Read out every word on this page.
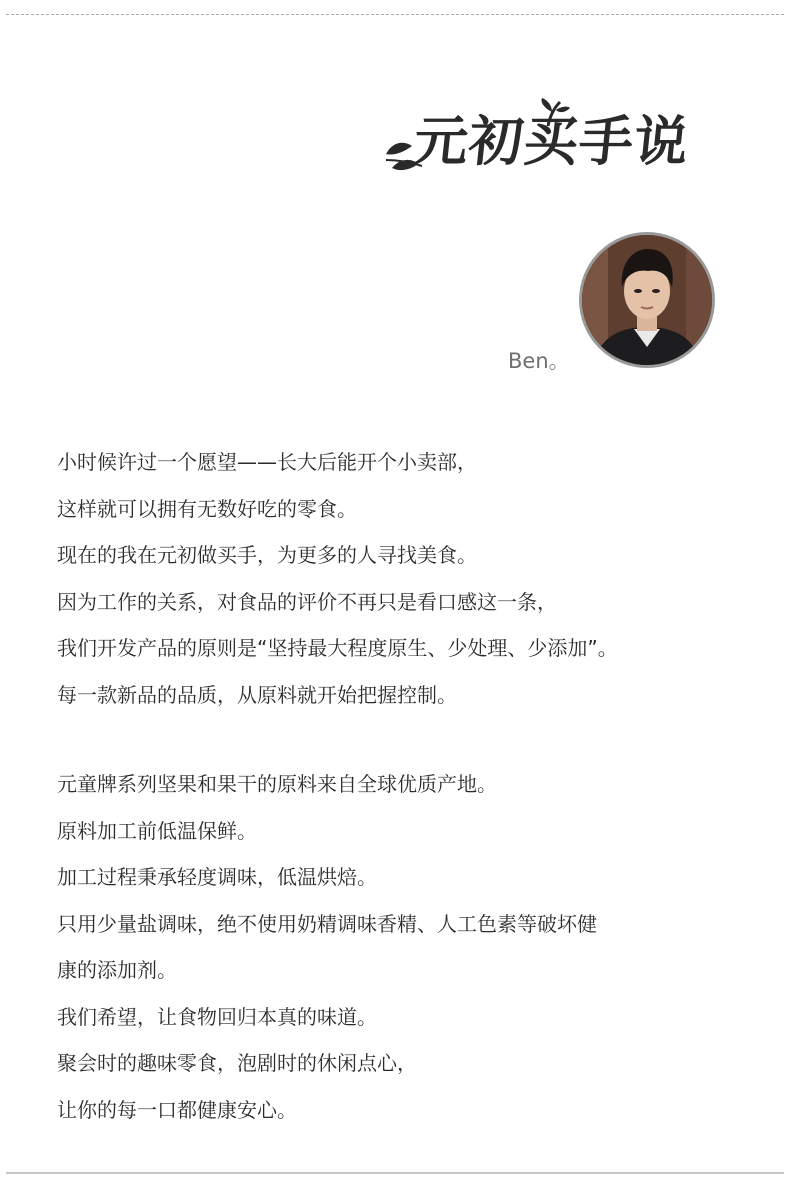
元初买手说
Ben。

小时候许过一个愿望——长大后能开个小卖部，

这样就可以拥有无数好吃的零食。

现在的我在元初做买手，为更多的人寻找美食。

因为工作的关系，对食品的评价不再只是看口感这一条，

我们开发产品的原则是“坚持最大程度原生、少处理、少添加”。

每一款新品的品质，从原料就开始把握控制。

元童牌系列坚果和果干的原料来自全球优质产地。

原料加工前低温保鲜。

加工过程秉承轻度调味，低温烘焙。

只用少量盐调味，绝不使用奶精调味香精、人工色素等破坏健

康的添加剂。

我们希望，让食物回归本真的味道。

聚会时的趣味零食，泡剧时的休闲点心，

让你的每一口都健康安心。
